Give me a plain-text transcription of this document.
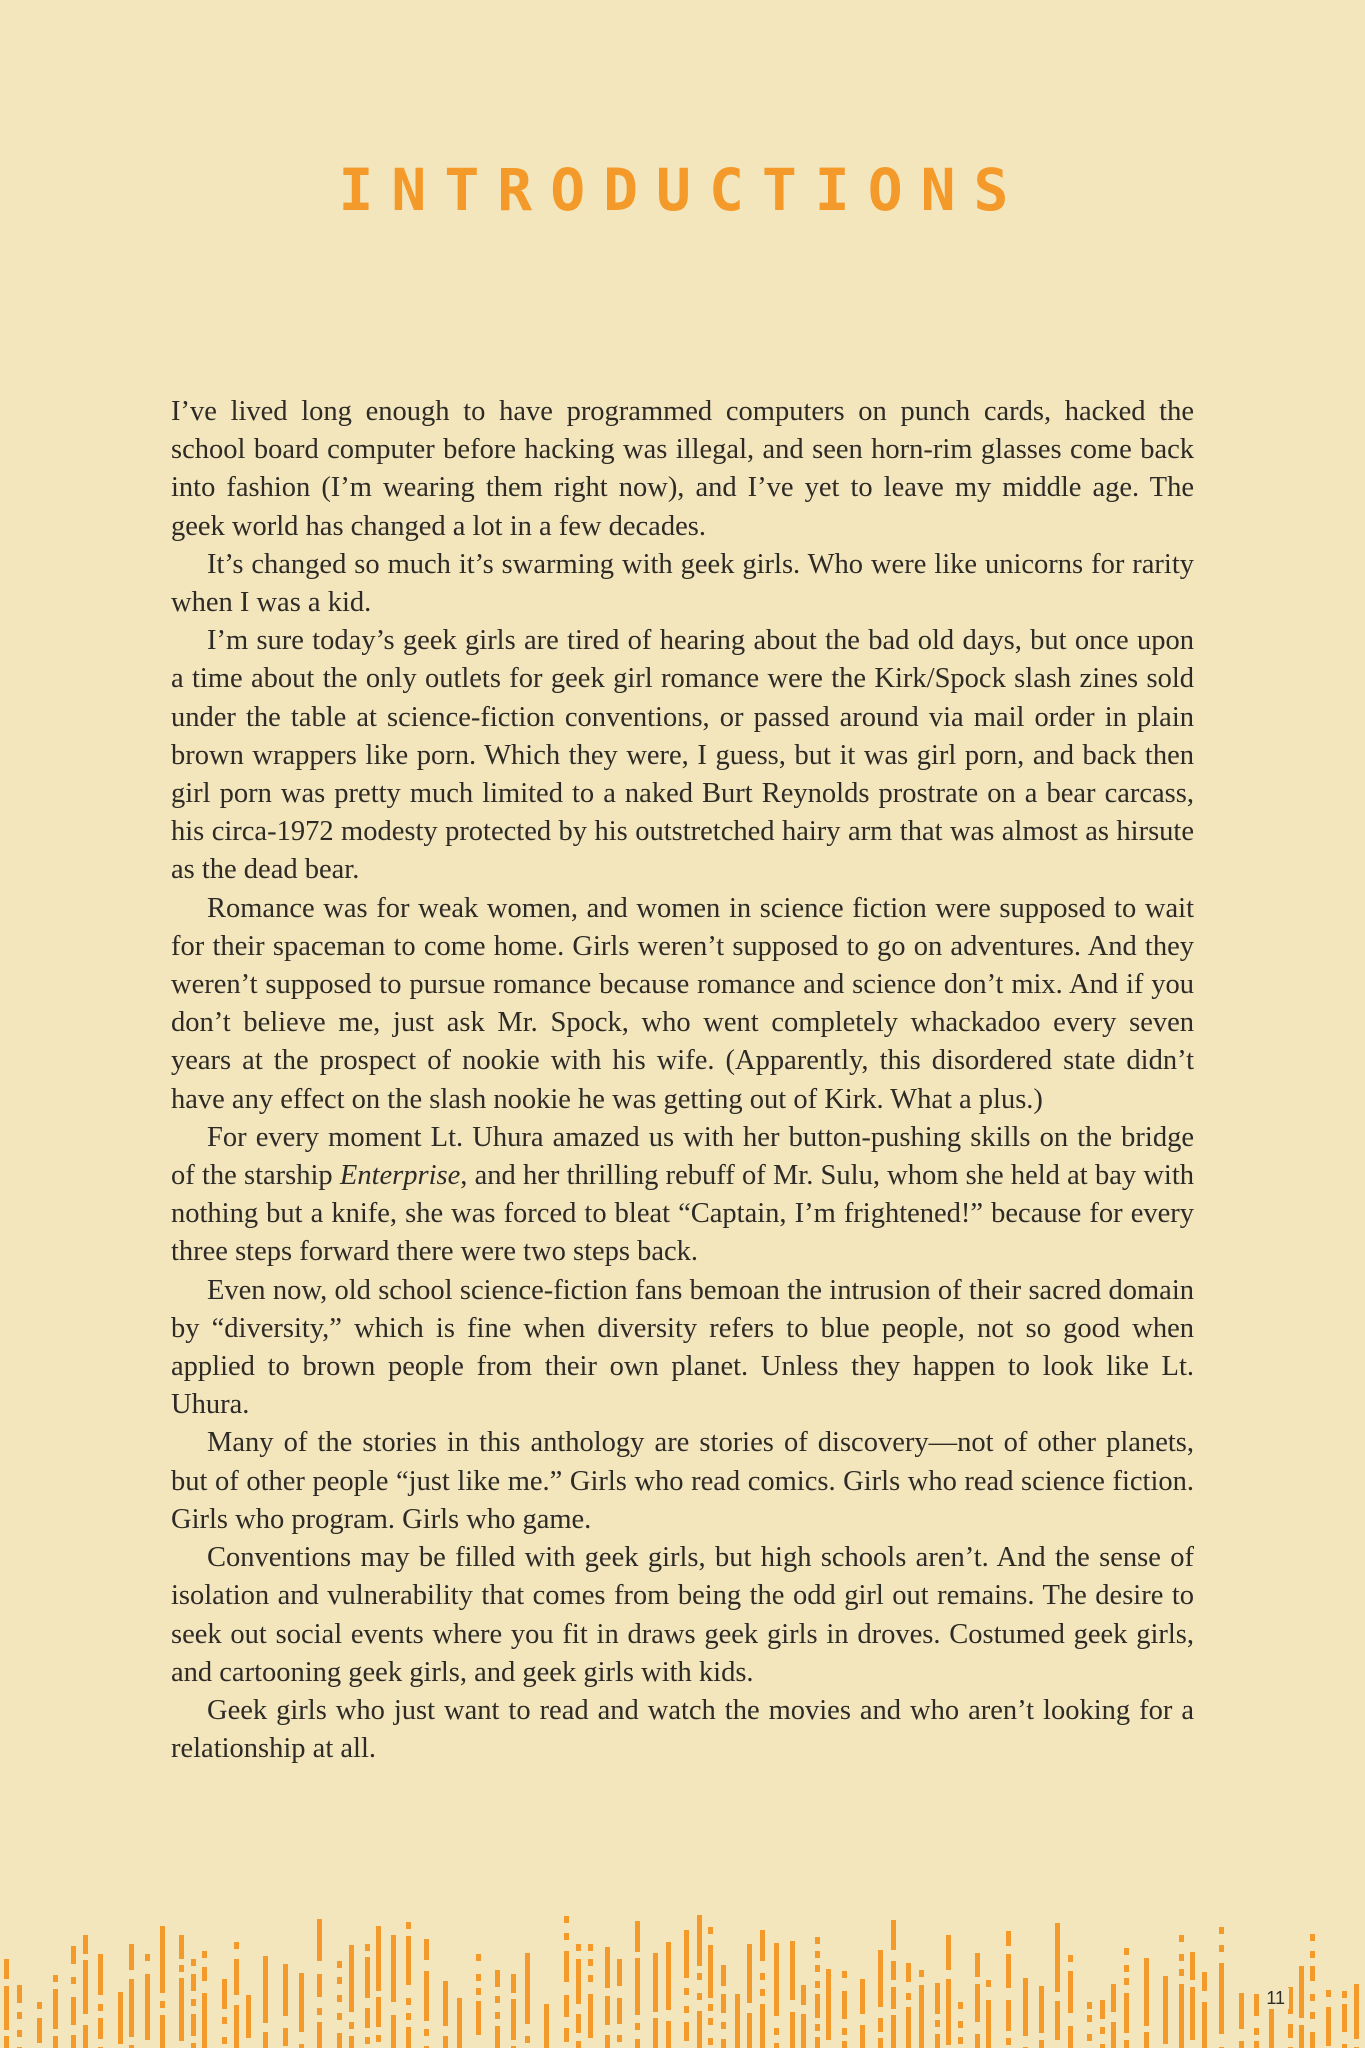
INTRODUCTIONS

I’ve lived long enough to have programmed computers on punch cards, hacked the school board computer before hacking was illegal, and seen horn-rim glasses come back into fashion (I’m wearing them right now), and I’ve yet to leave my middle age. The geek world has changed a lot in a few decades.

It’s changed so much it’s swarming with geek girls. Who were like unicorns for rarity when I was a kid.

I’m sure today’s geek girls are tired of hearing about the bad old days, but once upon a time about the only outlets for geek girl romance were the Kirk/Spock slash zines sold under the table at science-fiction conventions, or passed around via mail order in plain brown wrappers like porn. Which they were, I guess, but it was girl porn, and back then girl porn was pretty much limited to a naked Burt Reynolds prostrate on a bear carcass, his circa-1972 modesty protected by his outstretched hairy arm that was almost as hirsute as the dead bear.

Romance was for weak women, and women in science fiction were supposed to wait for their spaceman to come home. Girls weren’t supposed to go on adventures. And they weren’t supposed to pursue romance because romance and science don’t mix. And if you don’t believe me, just ask Mr. Spock, who went completely whackadoo every seven years at the prospect of nookie with his wife. (Apparently, this disordered state didn’t have any effect on the slash nookie he was getting out of Kirk. What a plus.)

For every moment Lt. Uhura amazed us with her button-pushing skills on the bridge of the starship Enterprise, and her thrilling rebuff of Mr. Sulu, whom she held at bay with nothing but a knife, she was forced to bleat “Captain, I’m frightened!” because for every three steps forward there were two steps back.

Even now, old school science-fiction fans bemoan the intrusion of their sacred domain by “diversity,” which is fine when diversity refers to blue people, not so good when applied to brown people from their own planet. Unless they happen to look like Lt. Uhura.

Many of the stories in this anthology are stories of discovery—not of other planets, but of other people “just like me.” Girls who read comics. Girls who read science fiction. Girls who program. Girls who game.

Conventions may be filled with geek girls, but high schools aren’t. And the sense of isolation and vulnerability that comes from being the odd girl out remains. The desire to seek out social events where you fit in draws geek girls in droves. Costumed geek girls, and cartooning geek girls, and geek girls with kids.

Geek girls who just want to read and watch the movies and who aren’t looking for a relationship at all.

11
